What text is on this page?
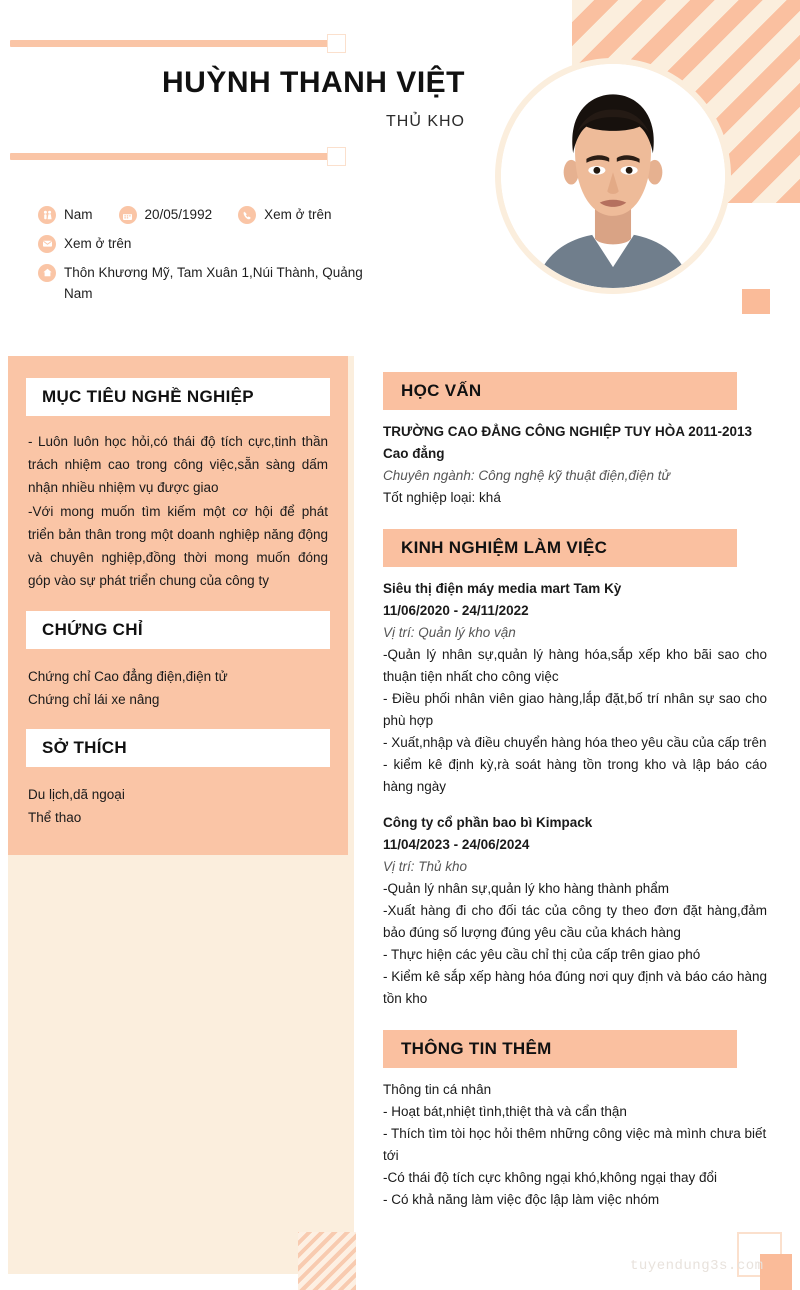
HUỲNH THANH VIỆT
THỦ KHO
Nam	20/05/1992	Xem ở trên
Xem ở trên
Thôn Khương Mỹ, Tam Xuân 1,Núi Thành, Quảng Nam
MỤC TIÊU NGHỀ NGHIỆP

- Luôn luôn học hỏi,có thái độ tích cực,tinh thần trách nhiệm cao trong công việc,sẵn sàng dấm nhận nhiều nhiệm vụ được giao

-Với mong muốn tìm kiếm một cơ hội để phát triển bản thân trong một doanh nghiệp năng động và chuyên nghiệp,đồng thời mong muốn đóng góp vào sự phát triển chung của công ty

CHỨNG CHỈ

Chứng chỉ Cao đẳng điện,điện tử

Chứng chỉ lái xe nâng

SỞ THÍCH

Du lịch,dã ngoại

Thể thao

HỌC VẤN

TRƯỜNG CAO ĐẲNG CÔNG NGHIỆP TUY HÒA 2011-2013

Cao đẳng

Chuyên ngành: Công nghệ kỹ thuật điện,điện tử

Tốt nghiệp loại: khá

KINH NGHIỆM LÀM VIỆC

Siêu thị điện máy media mart Tam Kỳ

11/06/2020 - 24/11/2022

Vị trí: Quản lý kho vận

-Quản lý nhân sự,quản lý hàng hóa,sắp xếp kho bãi sao cho thuận tiện nhất cho công việc

- Điều phối nhân viên giao hàng,lắp đặt,bố trí nhân sự sao cho phù hợp

- Xuất,nhập và điều chuyển hàng hóa theo yêu cầu của cấp trên

- kiểm kê định kỳ,rà soát hàng tồn trong kho và lập báo cáo hàng ngày

Công ty cổ phần bao bì Kimpack

11/04/2023 - 24/06/2024

Vị trí: Thủ kho

-Quản lý nhân sự,quản lý kho hàng thành phẩm

-Xuất hàng đi cho đối tác của công ty theo đơn đặt hàng,đảm bảo đúng số lượng đúng yêu cầu của khách hàng

- Thực hiện các yêu cầu chỉ thị của cấp trên giao phó

- Kiểm kê sắp xếp hàng hóa đúng nơi quy định và báo cáo hàng tồn kho

THÔNG TIN THÊM

Thông tin cá nhân

- Hoạt bát,nhiệt tình,thiệt thà và cẩn thận

- Thích tìm tòi học hỏi thêm những công việc mà mình chưa biết tới

-Có thái độ tích cực không ngại khó,không ngại thay đổi

- Có khả năng làm việc độc lập làm việc nhóm

tuyendung3s.com
